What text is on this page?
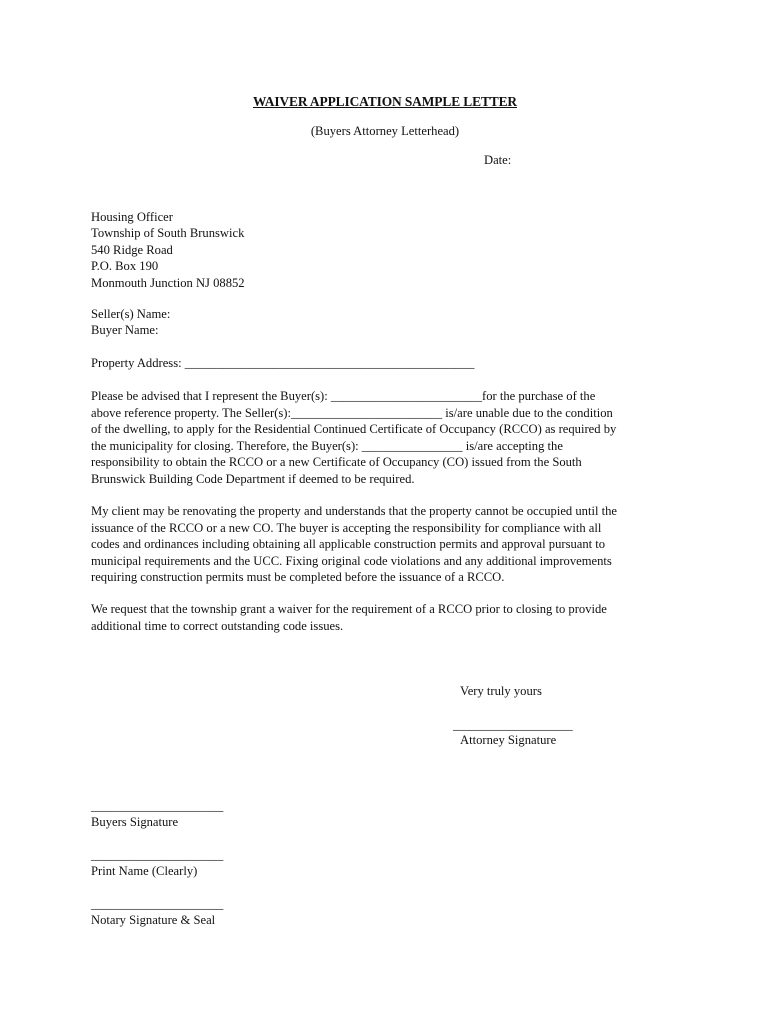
WAIVER APPLICATION SAMPLE LETTER
(Buyers Attorney Letterhead)
Date:
Housing Officer
Township of South Brunswick
540 Ridge Road
P.O. Box 190
Monmouth Junction NJ 08852
Seller(s) Name:
Buyer Name:
Property Address: ______________________________________________
Please be advised that I represent the Buyer(s): ________________________for the purchase of the
above reference property. The Seller(s):________________________ is/are unable due to the condition
of the dwelling, to apply for the Residential Continued Certificate of Occupancy (RCCO) as required by
the municipality for closing. Therefore, the Buyer(s): ________________ is/are accepting the
responsibility to obtain the RCCO or a new Certificate of Occupancy (CO) issued from the South
Brunswick Building Code Department if deemed to be required.
My client may be renovating the property and understands that the property cannot be occupied until the
issuance of the RCCO or a new CO. The buyer is accepting the responsibility for compliance with all
codes and ordinances including obtaining all applicable construction permits and approval pursuant to
municipal requirements and the UCC. Fixing original code violations and any additional improvements
requiring construction permits must be completed before the issuance of a RCCO.
We request that the township grant a waiver for the requirement of a RCCO prior to closing to provide
additional time to correct outstanding code issues.
Very truly yours
___________________
Attorney Signature
_____________________
Buyers Signature
_____________________
Print Name (Clearly)
_____________________
Notary Signature & Seal
